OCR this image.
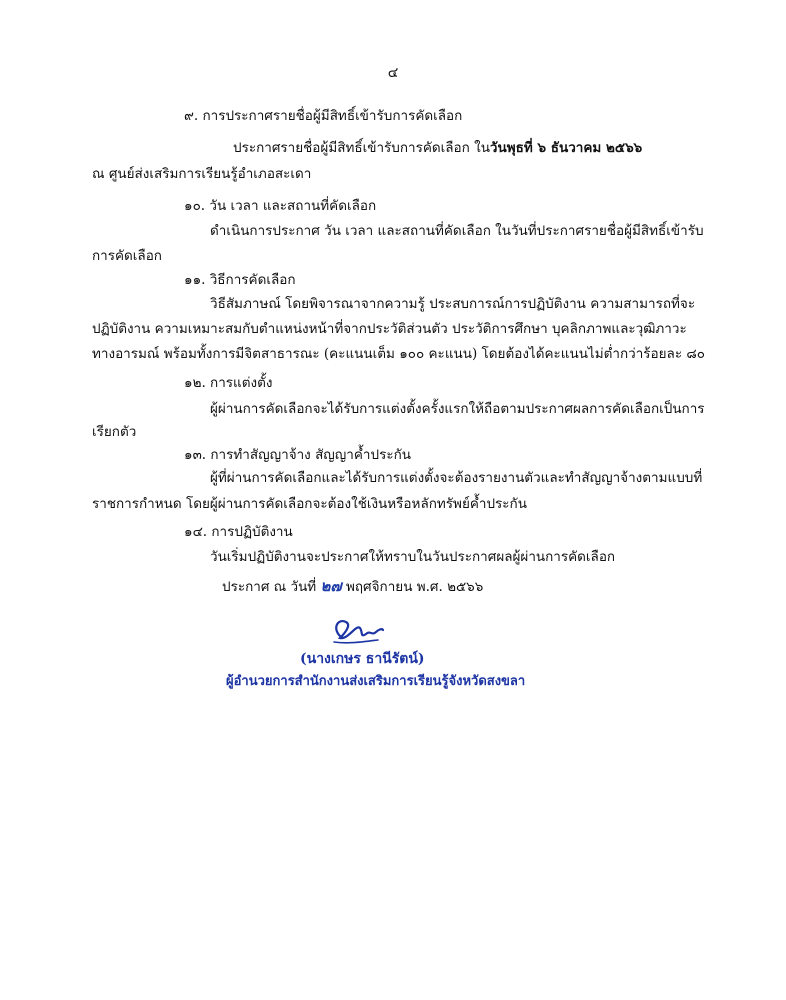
๔
๙. การประกาศรายชื่อผู้มีสิทธิ์เข้ารับการคัดเลือก
ประกาศรายชื่อผู้มีสิทธิ์เข้ารับการคัดเลือก ในวันพุธที่ ๖ ธันวาคม ๒๕๖๖
ณ ศูนย์ส่งเสริมการเรียนรู้อำเภอสะเดา
๑๐. วัน เวลา และสถานที่คัดเลือก
ดำเนินการประกาศ วัน เวลา และสถานที่คัดเลือก ในวันที่ประกาศรายชื่อผู้มีสิทธิ์เข้ารับ
การคัดเลือก
๑๑. วิธีการคัดเลือก
วิธีสัมภาษณ์ โดยพิจารณาจากความรู้ ประสบการณ์การปฏิบัติงาน ความสามารถที่จะ
ปฏิบัติงาน ความเหมาะสมกับตำแหน่งหน้าที่จากประวัติส่วนตัว ประวัติการศึกษา บุคลิกภาพและวุฒิภาวะ
ทางอารมณ์ พร้อมทั้งการมีจิตสาธารณะ (คะแนนเต็ม ๑๐๐ คะแนน) โดยต้องได้คะแนนไม่ต่ำกว่าร้อยละ ๘๐
๑๒. การแต่งตั้ง
ผู้ผ่านการคัดเลือกจะได้รับการแต่งตั้งครั้งแรกให้ถือตามประกาศผลการคัดเลือกเป็นการ
เรียกตัว
๑๓. การทำสัญญาจ้าง สัญญาค้ำประกัน
ผู้ที่ผ่านการคัดเลือกและได้รับการแต่งตั้งจะต้องรายงานตัวและทำสัญญาจ้างตามแบบที่
ราชการกำหนด โดยผู้ผ่านการคัดเลือกจะต้องใช้เงินหรือหลักทรัพย์ค้ำประกัน
๑๔. การปฏิบัติงาน
วันเริ่มปฏิบัติงานจะประกาศให้ทราบในวันประกาศผลผู้ผ่านการคัดเลือก
ประกาศ ณ วันที่ ๒๗ พฤศจิกายน พ.ศ. ๒๕๖๖
(นางเกษร ธานีรัตน์)
ผู้อำนวยการสำนักงานส่งเสริมการเรียนรู้จังหวัดสงขลา
